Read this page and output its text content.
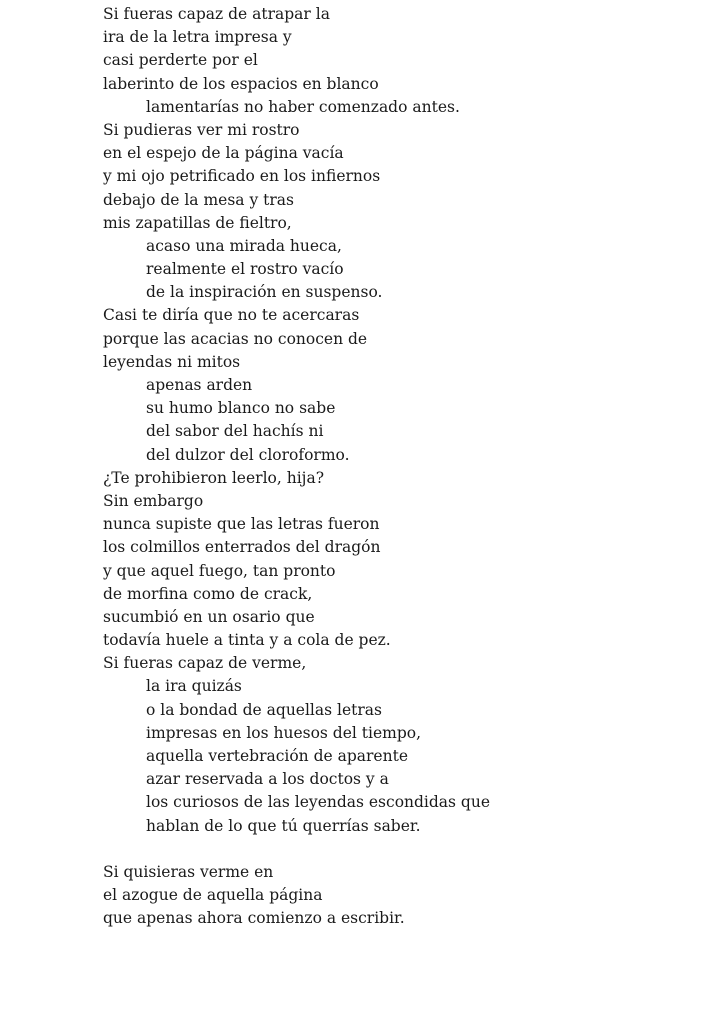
Si fueras capaz de atrapar la
ira de la letra impresa y
casi perderte por el
laberinto de los espacios en blanco
lamentarías no haber comenzado antes.
Si pudieras ver mi rostro
en el espejo de la página vacía
y mi ojo petrificado en los infiernos
debajo de la mesa y tras
mis zapatillas de fieltro,
acaso una mirada hueca,
realmente el rostro vacío
de la inspiración en suspenso.
Casi te diría que no te acercaras
porque las acacias no conocen de
leyendas ni mitos
apenas arden
su humo blanco no sabe
del sabor del hachís ni
del dulzor del cloroformo.
¿Te prohibieron leerlo, hija?
Sin embargo
nunca supiste que las letras fueron
los colmillos enterrados del dragón
y que aquel fuego, tan pronto
de morfina como de crack,
sucumbió en un osario que
todavía huele a tinta y a cola de pez.
Si fueras capaz de verme,
la ira quizás
o la bondad de aquellas letras
impresas en los huesos del tiempo,
aquella vertebración de aparente
azar reservada a los doctos y a
los curiosos de las leyendas escondidas que
hablan de lo que tú querrías saber.
Si quisieras verme en
el azogue de aquella página
que apenas ahora comienzo a escribir.
